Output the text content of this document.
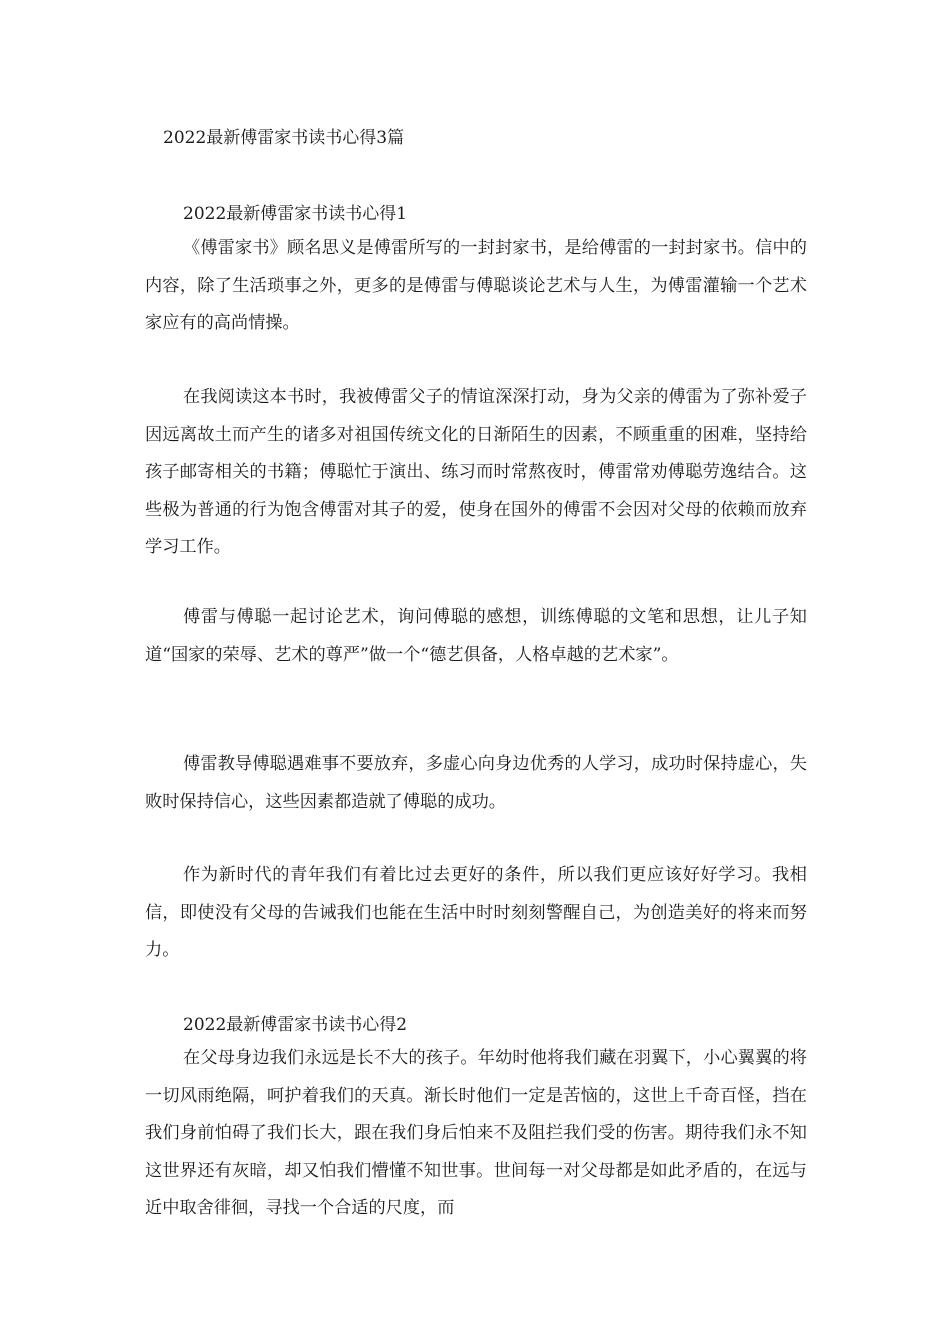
2022最新傅雷家书读书心得3篇
2022最新傅雷家书读书心得1

《傅雷家书》顾名思义是傅雷所写的一封封家书，是给傅雷的一封封家书。信中的内容，除了生活琐事之外，更多的是傅雷与傅聪谈论艺术与人生，为傅雷灌输一个艺术家应有的高尚情操。

在我阅读这本书时，我被傅雷父子的情谊深深打动，身为父亲的傅雷为了弥补爱子因远离故土而产生的诸多对祖国传统文化的日渐陌生的因素，不顾重重的困难，坚持给孩子邮寄相关的书籍；傅聪忙于演出、练习而时常熬夜时，傅雷常劝傅聪劳逸结合。这些极为普通的行为饱含傅雷对其子的爱，使身在国外的傅雷不会因对父母的依赖而放弃学习工作。

傅雷与傅聪一起讨论艺术，询问傅聪的感想，训练傅聪的文笔和思想，让儿子知道“国家的荣辱、艺术的尊严”做一个“德艺俱备，人格卓越的艺术家”。

傅雷教导傅聪遇难事不要放弃，多虚心向身边优秀的人学习，成功时保持虚心，失败时保持信心，这些因素都造就了傅聪的成功。

作为新时代的青年我们有着比过去更好的条件，所以我们更应该好好学习。我相信，即使没有父母的告诫我们也能在生活中时时刻刻警醒自己，为创造美好的将来而努力。

2022最新傅雷家书读书心得2

在父母身边我们永远是长不大的孩子。年幼时他将我们藏在羽翼下，小心翼翼的将一切风雨绝隔，呵护着我们的天真。渐长时他们一定是苦恼的，这世上千奇百怪，挡在我们身前怕碍了我们长大，跟在我们身后怕来不及阻拦我们受的伤害。期待我们永不知这世界还有灰暗，却又怕我们懵懂不知世事。世间每一对父母都是如此矛盾的，在远与近中取舍徘徊，寻找一个合适的尺度，而
